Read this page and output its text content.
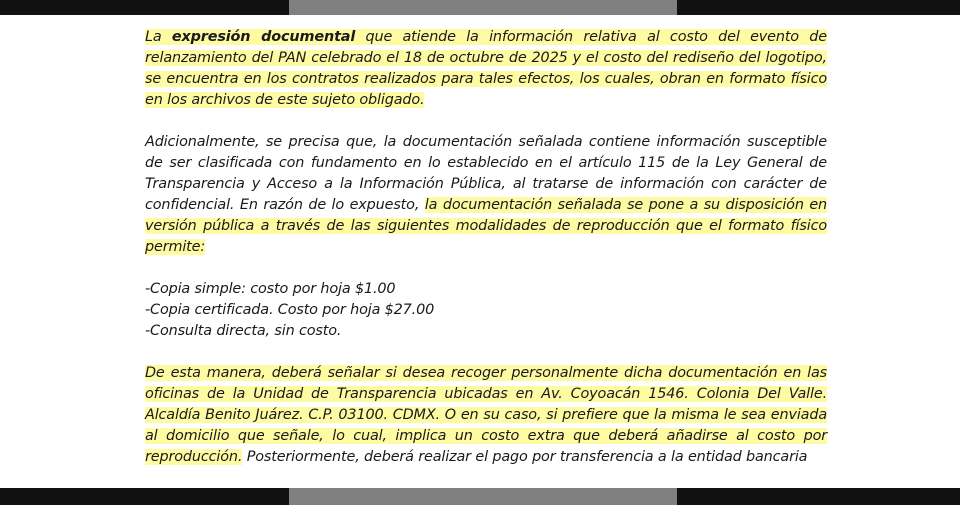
La expresión documental que atiende la información relativa al costo del evento de relanzamiento del PAN celebrado el 18 de octubre de 2025 y el costo del rediseño del logotipo, se encuentra en los contratos realizados para tales efectos, los cuales, obran en formato físico en los archivos de este sujeto obligado.

Adicionalmente, se precisa que, la documentación señalada contiene información susceptible de ser clasificada con fundamento en lo establecido en el artículo 115 de la Ley General de Transparencia y Acceso a la Información Pública, al tratarse de información con carácter de confidencial. En razón de lo expuesto, la documentación señalada se pone a su disposición en versión pública a través de las siguientes modalidades de reproducción que el formato físico permite:

-Copia simple: costo por hoja $1.00
-Copia certificada. Costo por hoja $27.00
-Consulta directa, sin costo.

De esta manera, deberá señalar si desea recoger personalmente dicha documentación en las oficinas de la Unidad de Transparencia ubicadas en Av. Coyoacán 1546. Colonia Del Valle. Alcaldía Benito Juárez. C.P. 03100. CDMX. O en su caso, si prefiere que la misma le sea enviada al domicilio que señale, lo cual, implica un costo extra que deberá añadirse al costo por reproducción. Posteriormente, deberá realizar el pago por transferencia a la entidad bancaria
